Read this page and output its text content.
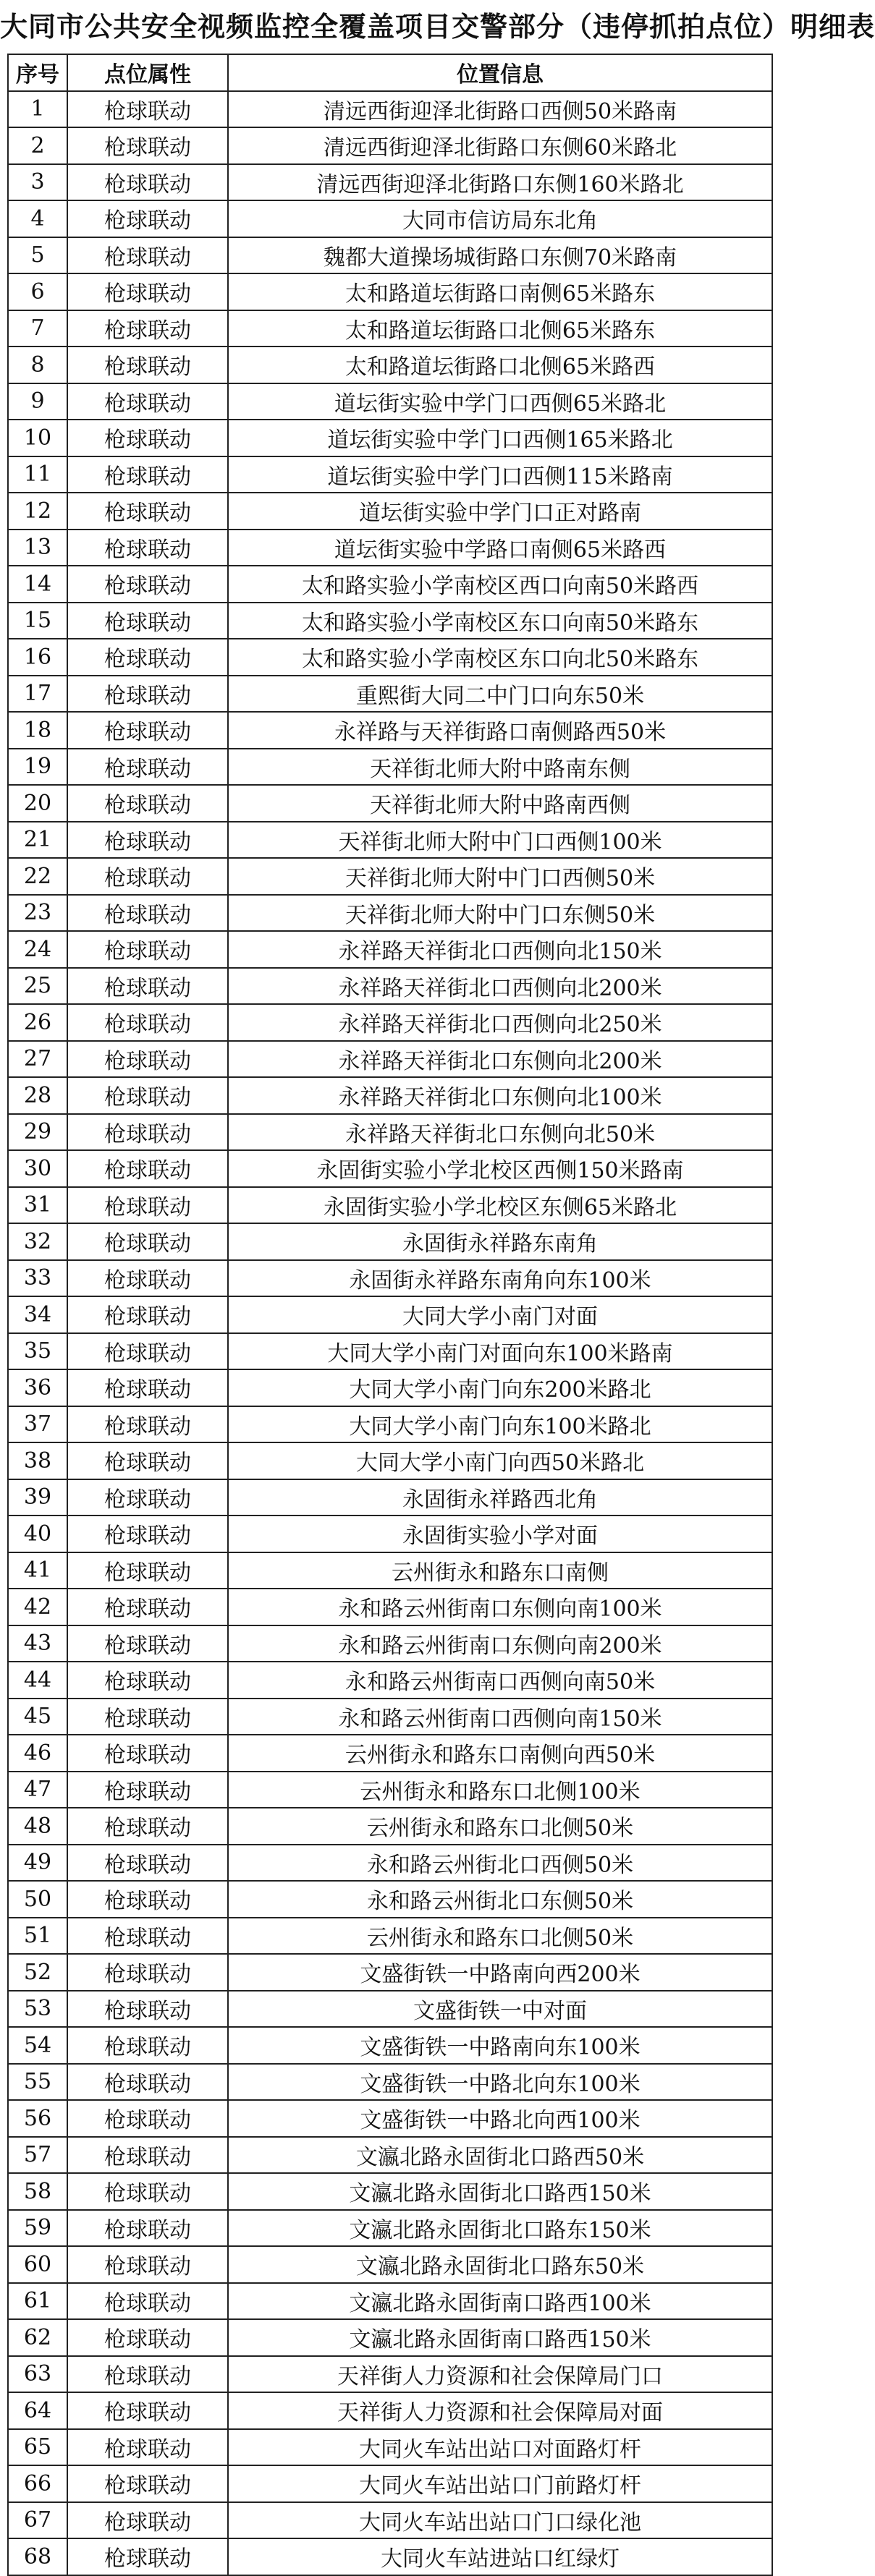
大同市公共安全视频监控全覆盖项目交警部分（违停抓拍点位）明细表
序号	点位属性	位置信息
1	枪球联动	清远西街迎泽北街路口西侧50米路南
2	枪球联动	清远西街迎泽北街路口东侧60米路北
3	枪球联动	清远西街迎泽北街路口东侧160米路北
4	枪球联动	大同市信访局东北角
5	枪球联动	魏都大道操场城街路口东侧70米路南
6	枪球联动	太和路道坛街路口南侧65米路东
7	枪球联动	太和路道坛街路口北侧65米路东
8	枪球联动	太和路道坛街路口北侧65米路西
9	枪球联动	道坛街实验中学门口西侧65米路北
10	枪球联动	道坛街实验中学门口西侧165米路北
11	枪球联动	道坛街实验中学门口西侧115米路南
12	枪球联动	道坛街实验中学门口正对路南
13	枪球联动	道坛街实验中学路口南侧65米路西
14	枪球联动	太和路实验小学南校区西口向南50米路西
15	枪球联动	太和路实验小学南校区东口向南50米路东
16	枪球联动	太和路实验小学南校区东口向北50米路东
17	枪球联动	重熙街大同二中门口向东50米
18	枪球联动	永祥路与天祥街路口南侧路西50米
19	枪球联动	天祥街北师大附中路南东侧
20	枪球联动	天祥街北师大附中路南西侧
21	枪球联动	天祥街北师大附中门口西侧100米
22	枪球联动	天祥街北师大附中门口西侧50米
23	枪球联动	天祥街北师大附中门口东侧50米
24	枪球联动	永祥路天祥街北口西侧向北150米
25	枪球联动	永祥路天祥街北口西侧向北200米
26	枪球联动	永祥路天祥街北口西侧向北250米
27	枪球联动	永祥路天祥街北口东侧向北200米
28	枪球联动	永祥路天祥街北口东侧向北100米
29	枪球联动	永祥路天祥街北口东侧向北50米
30	枪球联动	永固街实验小学北校区西侧150米路南
31	枪球联动	永固街实验小学北校区东侧65米路北
32	枪球联动	永固街永祥路东南角
33	枪球联动	永固街永祥路东南角向东100米
34	枪球联动	大同大学小南门对面
35	枪球联动	大同大学小南门对面向东100米路南
36	枪球联动	大同大学小南门向东200米路北
37	枪球联动	大同大学小南门向东100米路北
38	枪球联动	大同大学小南门向西50米路北
39	枪球联动	永固街永祥路西北角
40	枪球联动	永固街实验小学对面
41	枪球联动	云州街永和路东口南侧
42	枪球联动	永和路云州街南口东侧向南100米
43	枪球联动	永和路云州街南口东侧向南200米
44	枪球联动	永和路云州街南口西侧向南50米
45	枪球联动	永和路云州街南口西侧向南150米
46	枪球联动	云州街永和路东口南侧向西50米
47	枪球联动	云州街永和路东口北侧100米
48	枪球联动	云州街永和路东口北侧50米
49	枪球联动	永和路云州街北口西侧50米
50	枪球联动	永和路云州街北口东侧50米
51	枪球联动	云州街永和路东口北侧50米
52	枪球联动	文盛街铁一中路南向西200米
53	枪球联动	文盛街铁一中对面
54	枪球联动	文盛街铁一中路南向东100米
55	枪球联动	文盛街铁一中路北向东100米
56	枪球联动	文盛街铁一中路北向西100米
57	枪球联动	文瀛北路永固街北口路西50米
58	枪球联动	文瀛北路永固街北口路西150米
59	枪球联动	文瀛北路永固街北口路东150米
60	枪球联动	文瀛北路永固街北口路东50米
61	枪球联动	文瀛北路永固街南口路西100米
62	枪球联动	文瀛北路永固街南口路西150米
63	枪球联动	天祥街人力资源和社会保障局门口
64	枪球联动	天祥街人力资源和社会保障局对面
65	枪球联动	大同火车站出站口对面路灯杆
66	枪球联动	大同火车站出站口门前路灯杆
67	枪球联动	大同火车站出站口门口绿化池
68	枪球联动	大同火车站进站口红绿灯
